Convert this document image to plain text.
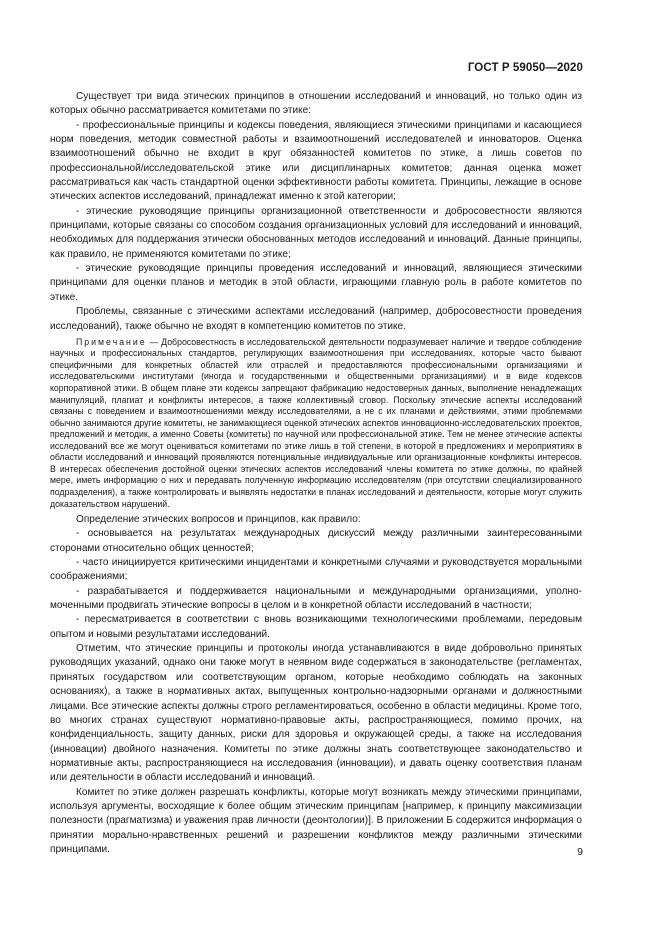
ГОСТ Р 59050—2020

Существует три вида этических принципов в отношении исследований и инноваций, но только один из которых обычно рассматривается комитетами по этике:

- профессиональные принципы и кодексы поведения, являющиеся этическими принципами и касающиеся норм поведения, методик совместной работы и взаимоотношений исследователей и инноваторов. Оценка взаимоотношений обычно не входит в круг обязанностей комитетов по этике, а лишь советов по профессиональной/исследовательской этике или дисциплинарных комитетов; данная оценка может рассматриваться как часть стандартной оценки эффективности работы комитета. Принципы, лежащие в основе этических аспектов исследований, принадлежат именно к этой категории;

- этические руководящие принципы организационной ответственности и добросовестности являются принципами, которые связаны со способом создания организационных условий для исследований и инноваций, необходимых для поддержания этически обоснованных методов исследований и инноваций. Данные принципы, как правило, не применяются комитетами по этике;

- этические руководящие принципы проведения исследований и инноваций, являющиеся этическими принципами для оценки планов и методик в этой области, играющими главную роль в работе комитетов по этике.

Проблемы, связанные с этическими аспектами исследований (например, добросовестности проведения исследований), также обычно не входят в компетенцию комитетов по этике.

Примечание — Добросовестность в исследовательской деятельности подразумевает наличие и твердое соблюдение научных и профессиональных стандартов, регулирующих взаимоотношения при исследованиях, которые часто бывают специфичными для конкретных областей или отраслей и предоставляются профессиональными организациями и исследовательскими институтами (иногда и государственными и общественными организациями) и в виде кодексов корпоративной этики. В общем плане эти кодексы запрещают фабрикацию недостоверных данных, выполнение ненадлежащих манипуляций, плагиат и конфликты интересов, а также коллективный сговор. Поскольку этические аспекты исследований связаны с поведением и взаимоотношениями между исследователями, а не с их планами и действиями, этими проблемами обычно занимаются другие комитеты, не занимающиеся оценкой этических аспектов инновационно-исследовательских проектов, предложений и методик, а именно Советы (комитеты) по научной или профессиональной этике. Тем не менее этические аспекты исследований все же могут оцениваться комитетами по этике лишь в той степени, в которой в предложениях и мероприятиях в области исследований и инноваций проявляются потенциальные индивидуальные или организационные конфликты интересов. В интересах обеспечения достойной оценки этических аспектов исследований члены комитета по этике должны, по крайней мере, иметь информацию о них и передавать полученную информацию исследователям (при отсутствии специализированного подразделения), а также контролировать и выявлять недостатки в планах исследований и деятельности, которые могут служить доказательством нарушений.

Определение этических вопросов и принципов, как правило:

- основывается на результатах международных дискуссий между различными заинтересованными сторонами относительно общих ценностей;

- часто инициируется критическими инцидентами и конкретными случаями и руководствуется моральными соображениями;

- разрабатывается и поддерживается национальными и международными организациями, уполномоченными продвигать этические вопросы в целом и в конкретной области исследований в частности;

- пересматривается в соответствии с вновь возникающими технологическими проблемами, передовым опытом и новыми результатами исследований.

Отметим, что этические принципы и протоколы иногда устанавливаются в виде добровольно принятых руководящих указаний, однако они также могут в неявном виде содержаться в законодательстве (регламентах, принятых государством или соответствующим органом, которые необходимо соблюдать на законных основаниях), а также в нормативных актах, выпущенных контрольно-надзорными органами и должностными лицами. Все этические аспекты должны строго регламентироваться, особенно в области медицины. Кроме того, во многих странах существуют нормативно-правовые акты, распространяющиеся, помимо прочих, на конфиденциальность, защиту данных, риски для здоровья и окружающей среды, а также на исследования (инновации) двойного назначения. Комитеты по этике должны знать соответствующее законодательство и нормативные акты, распространяющиеся на исследования (инновации), и давать оценку соответствия планам или деятельности в области исследований и инноваций.

Комитет по этике должен разрешать конфликты, которые могут возникать между этическими принципами, используя аргументы, восходящие к более общим этическим принципам [например, к принципу максимизации полезности (прагматизма) и уважения прав личности (деонтологии)]. В приложении Б содержится информация о принятии морально-нравственных решений и разрешении конфликтов между различными этическими принципами.	9
